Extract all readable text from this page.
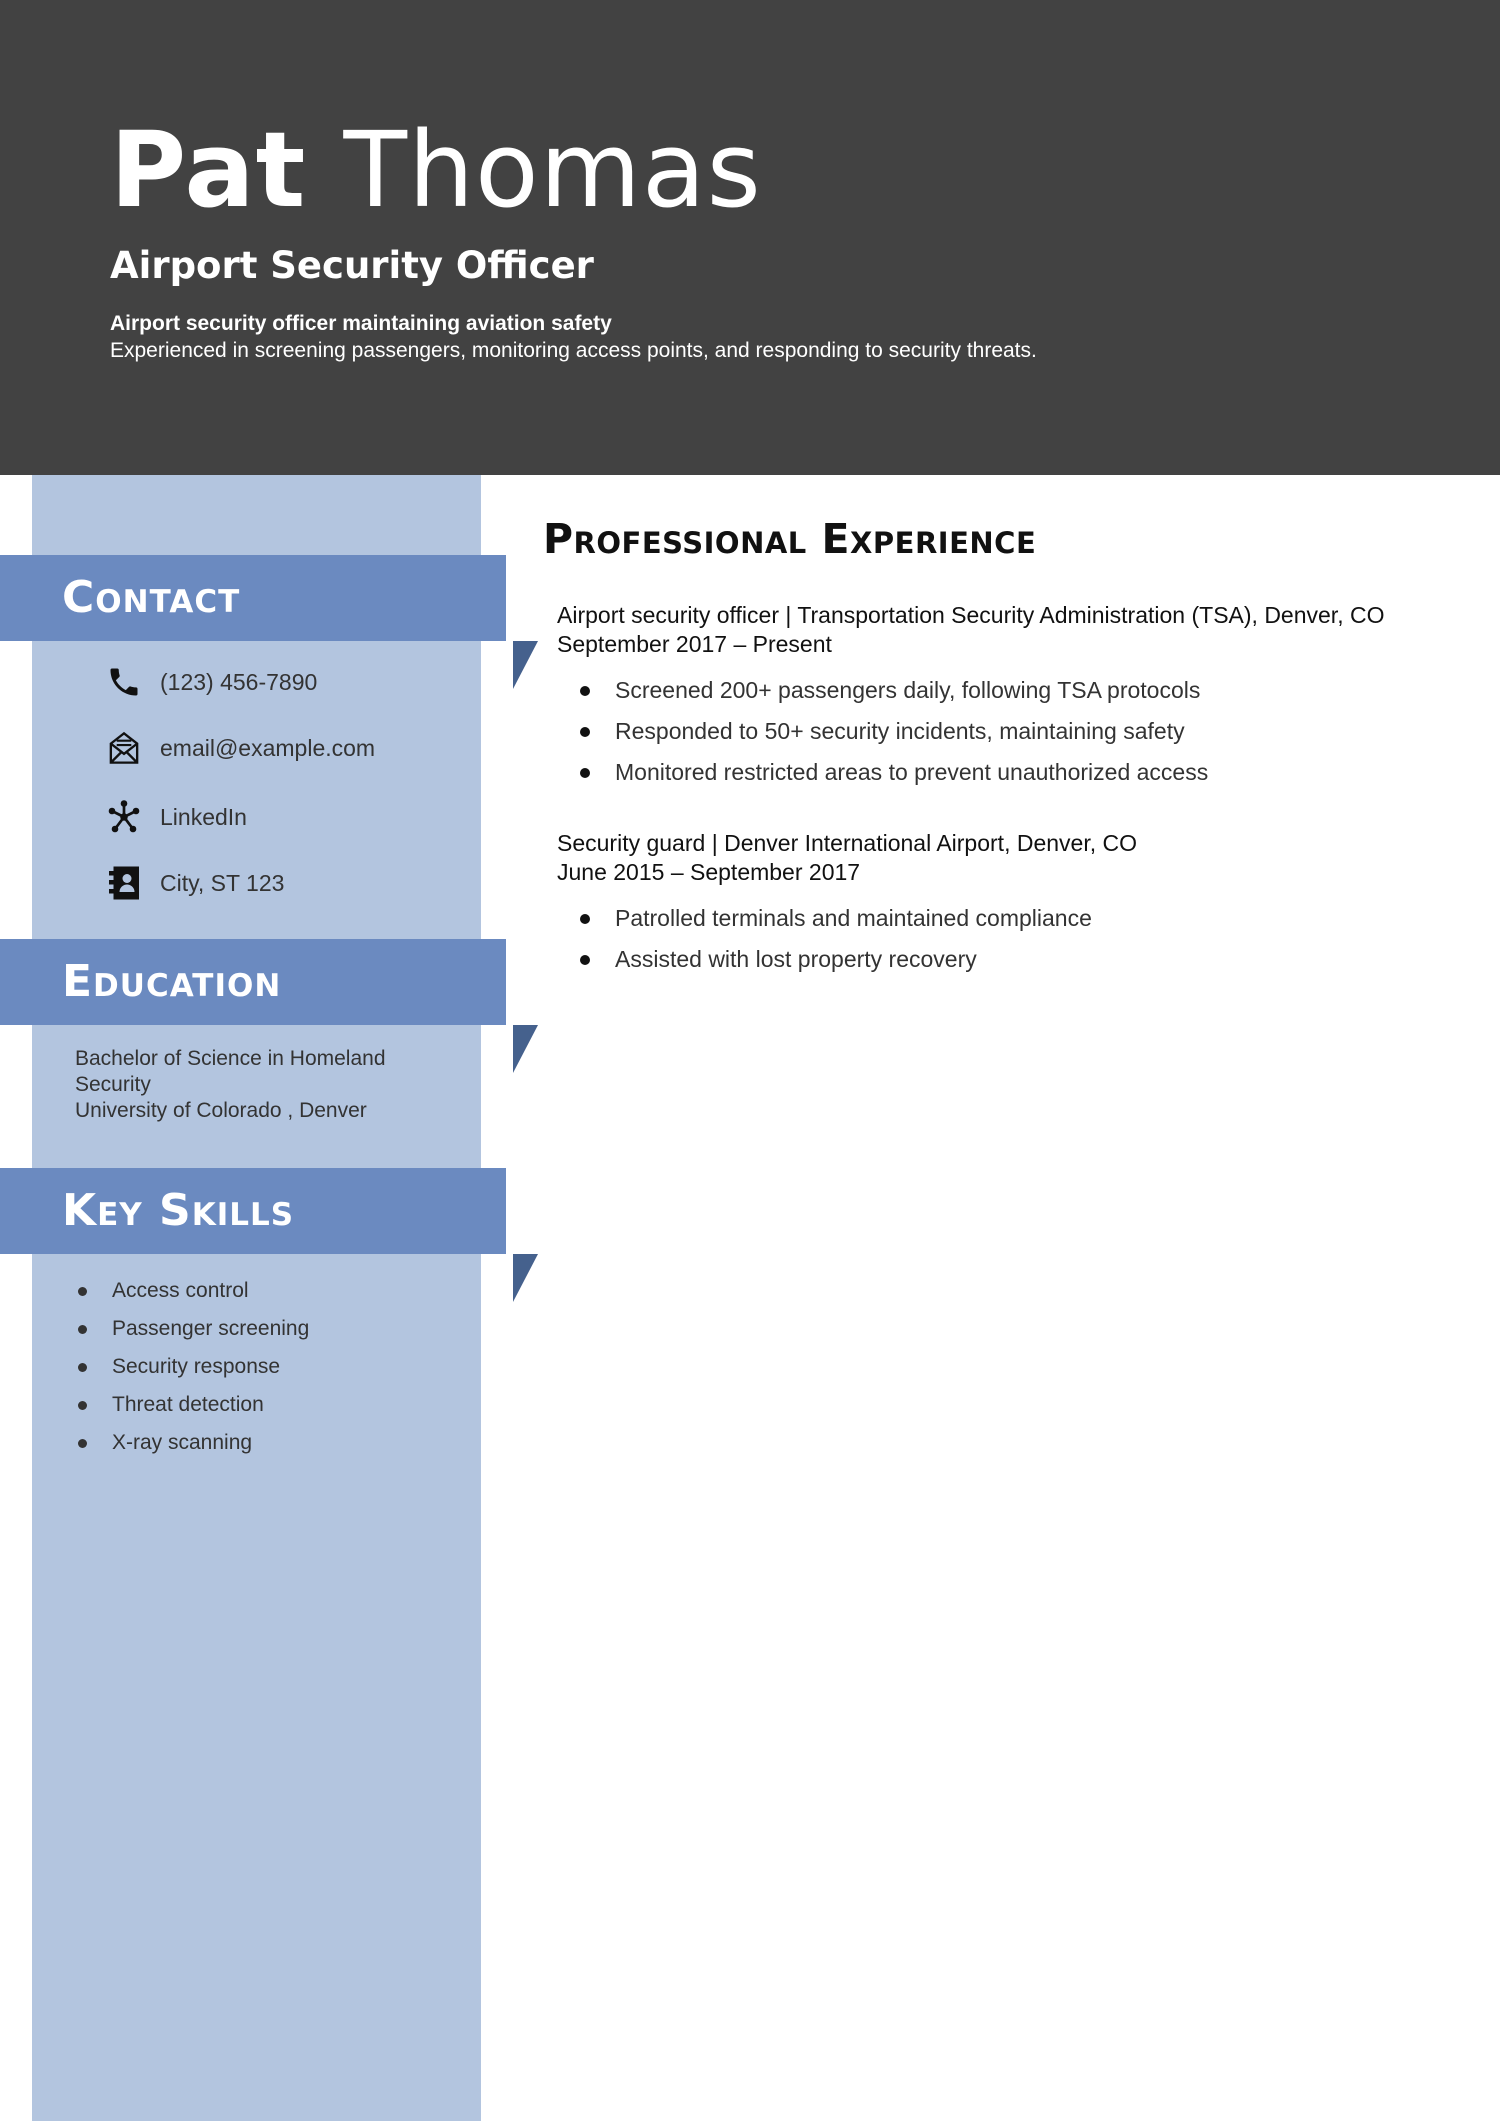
Pat Thomas
Airport Security Officer
Airport security officer maintaining aviation safety
Experienced in screening passengers, monitoring access points, and responding to security threats.
Contact
(123) 456-7890
email@example.com
LinkedIn
City, ST 123
Education
Key Skills
Bachelor of Science in Homeland Security
University of Colorado , Denver
Access control
Passenger screening
Security response
Threat detection
X-ray scanning
Professional Experience
Airport security officer | Transportation Security Administration (TSA), Denver, CO
September 2017 – Present
Screened 200+ passengers daily, following TSA protocols
Responded to 50+ security incidents, maintaining safety
Monitored restricted areas to prevent unauthorized access
Security guard | Denver International Airport, Denver, CO
June 2015 – September 2017
Patrolled terminals and maintained compliance
Assisted with lost property recovery
